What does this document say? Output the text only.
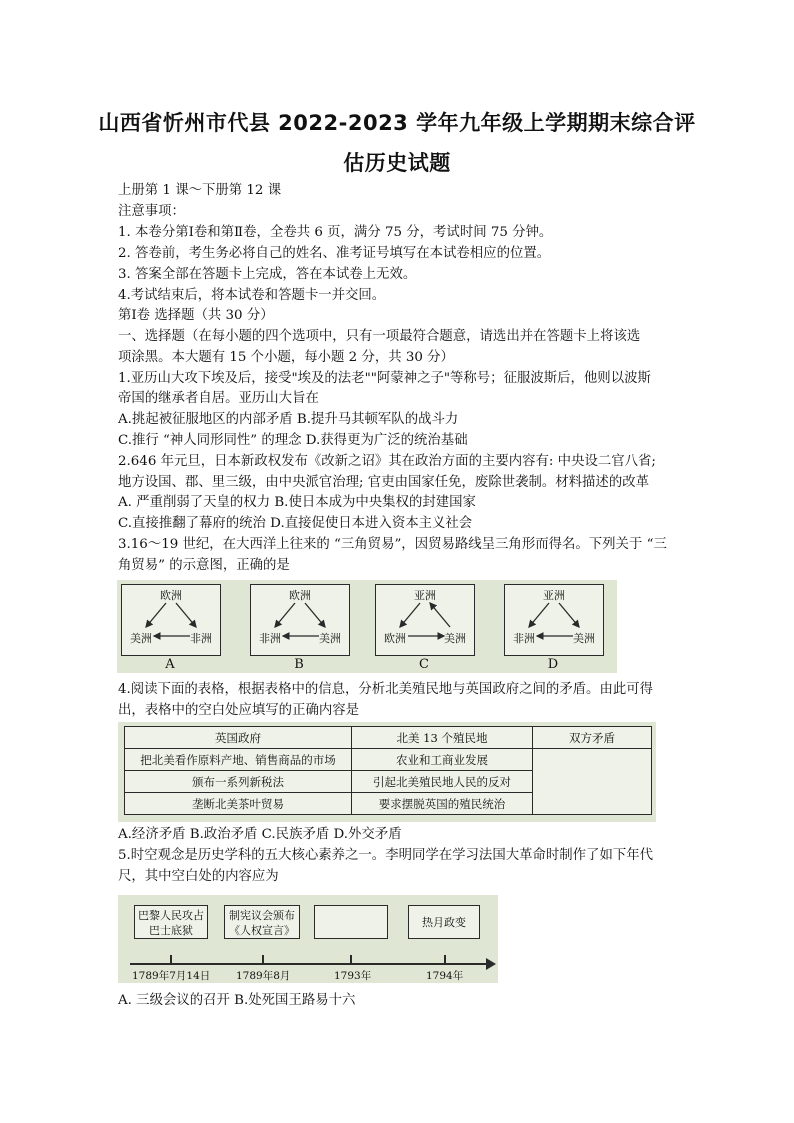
山西省忻州市代县 2022-2023 学年九年级上学期期末综合评
估历史试题
上册第 1 课～下册第 12 课
注意事项：
1. 本卷分第Ⅰ卷和第Ⅱ卷，全卷共 6 页，满分 75 分，考试时间 75 分钟。
2. 答卷前，考生务必将自己的姓名、准考证号填写在本试卷相应的位置。
3. 答案全部在答题卡上完成，答在本试卷上无效。
4.考试结束后，将本试卷和答题卡一并交回。
第Ⅰ卷 选择题（共 30 分）
一、选择题（在每小题的四个选项中，只有一项最符合题意，请选出并在答题卡上将该选
项涂黑。本大题有 15 个小题，每小题 2 分，共 30 分）
1.亚历山大攻下埃及后，接受"埃及的法老""阿蒙神之子"等称号；征服波斯后，他则以波斯
帝国的继承者自居。亚历山大旨在
A.挑起被征服地区的内部矛盾 B.提升马其顿军队的战斗力
C.推行 “神人同形同性” 的理念 D.获得更为广泛的统治基础
2.646 年元旦，日本新政权发布《改新之诏》其在政治方面的主要内容有: 中央设二官八省;
地方设国、郡、里三级，由中央派官治理; 官吏由国家任免，废除世袭制。材料描述的改革
A. 严重削弱了天皇的权力 B.使日本成为中央集权的封建国家
C.直接推翻了幕府的统治 D.直接促使日本进入资本主义社会
3.16～19 世纪，在大西洋上往来的 “三角贸易”，因贸易路线呈三角形而得名。下列关于 “三
角贸易” 的示意图，正确的是
欧洲
美洲	非洲
A
欧洲
非洲	美洲
B
亚洲
欧洲	美洲
C
亚洲
非洲	美洲
D
4.阅读下面的表格，根据表格中的信息，分析北美殖民地与英国政府之间的矛盾。由此可得
出，表格中的空白处应填写的正确内容是
英国政府	北美 13 个殖民地	双方矛盾
把北美看作原料产地、销售商品的市场	农业和工商业发展	
颁布一系列新税法	引起北美殖民地人民的反对	
垄断北美茶叶贸易	要求摆脱英国的殖民统治	
A.经济矛盾 B.政治矛盾 C.民族矛盾 D.外交矛盾
5.时空观念是历史学科的五大核心素养之一。李明同学在学习法国大革命时制作了如下年代
尺，其中空白处的内容应为
巴黎人民攻占
巴士底狱
制宪议会颁布
《人权宣言》
热月政变
1789年7月14日 1789年8月	1793年	1794年
A. 三级会议的召开 B.处死国王路易十六
